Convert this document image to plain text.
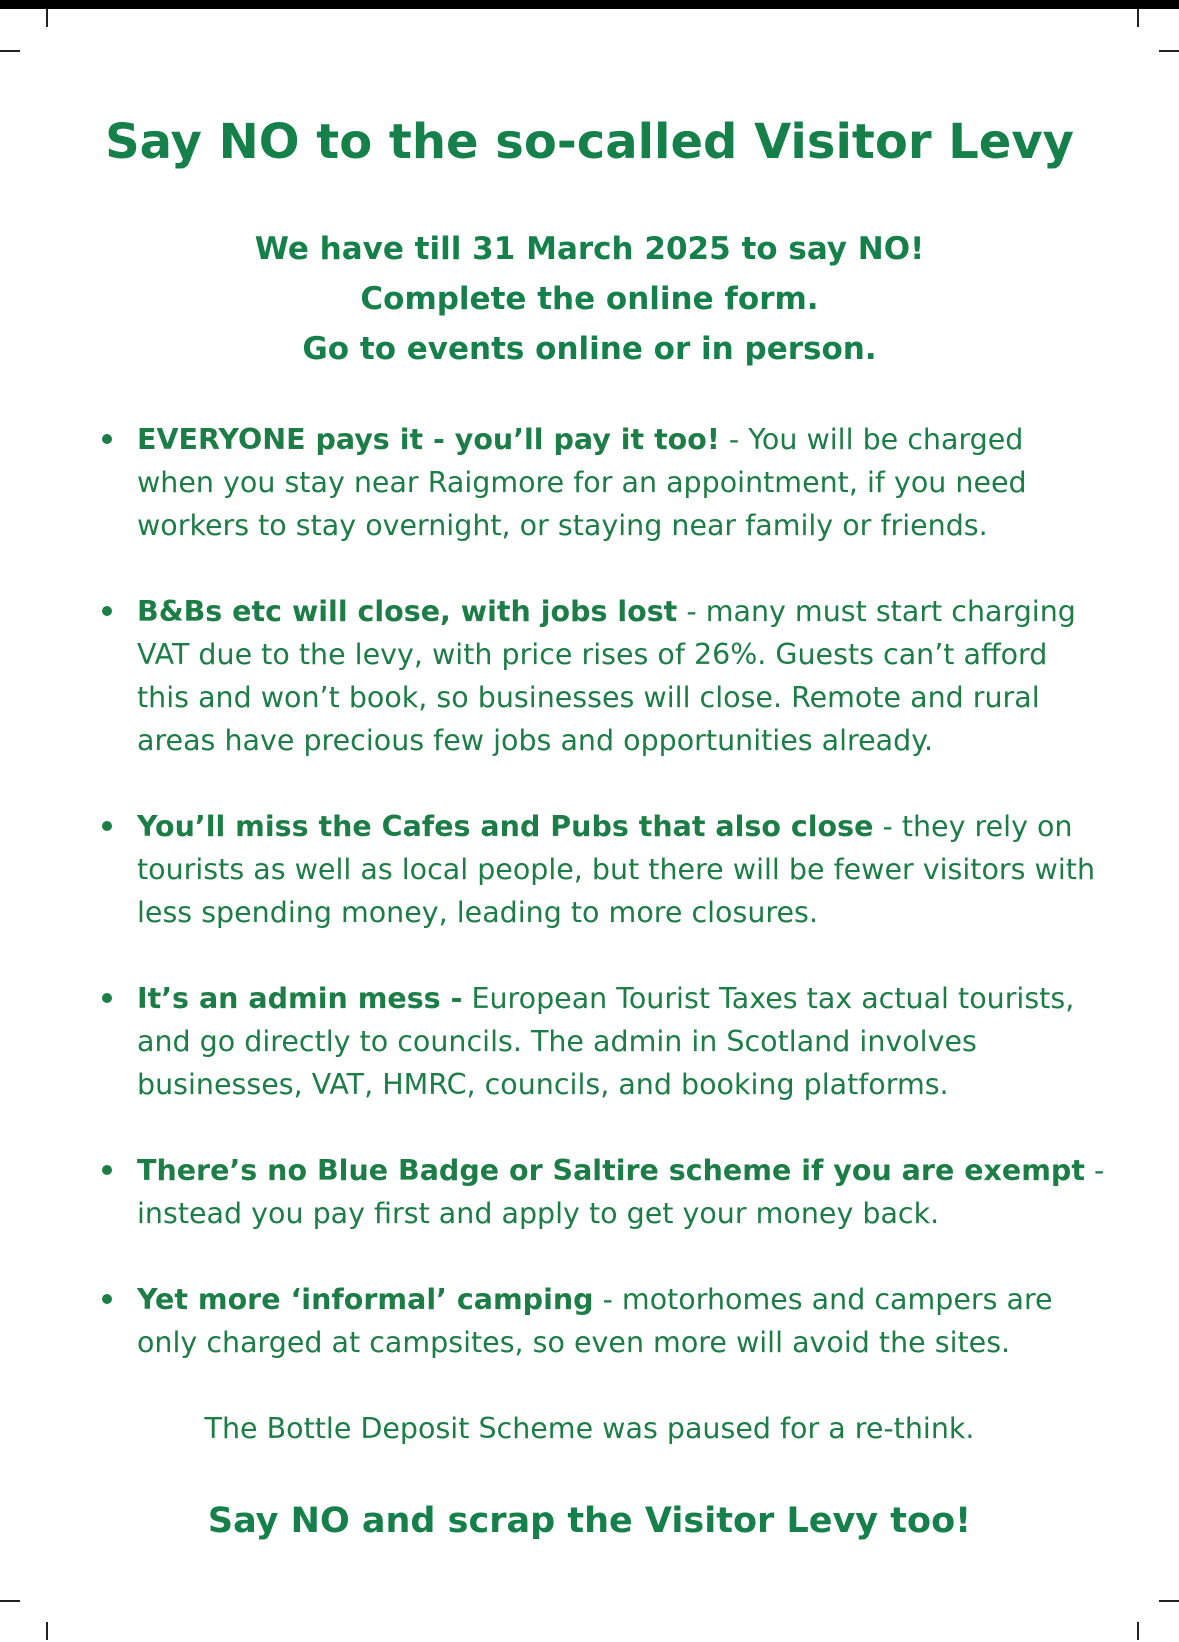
Say NO to the so-called Visitor Levy
We have till 31 March 2025 to say NO!
Complete the online form.
Go to events online or in person.
EVERYONE pays it - you’ll pay it too! - You will be charged when you stay near Raigmore for an appointment, if you need workers to stay overnight, or staying near family or friends.
B&Bs etc will close, with jobs lost - many must start charging VAT due to the levy, with price rises of 26%. Guests can’t afford this and won’t book, so businesses will close. Remote and rural areas have precious few jobs and opportunities already.
You’ll miss the Cafes and Pubs that also close - they rely on tourists as well as local people, but there will be fewer visitors with less spending money, leading to more closures.
It’s an admin mess - European Tourist Taxes tax actual tourists, and go directly to councils. The admin in Scotland involves businesses, VAT, HMRC, councils, and booking platforms.
There’s no Blue Badge or Saltire scheme if you are exempt - instead you pay first and apply to get your money back.
Yet more ‘informal’ camping - motorhomes and campers are only charged at campsites, so even more will avoid the sites.
The Bottle Deposit Scheme was paused for a re-think.
Say NO and scrap the Visitor Levy too!
